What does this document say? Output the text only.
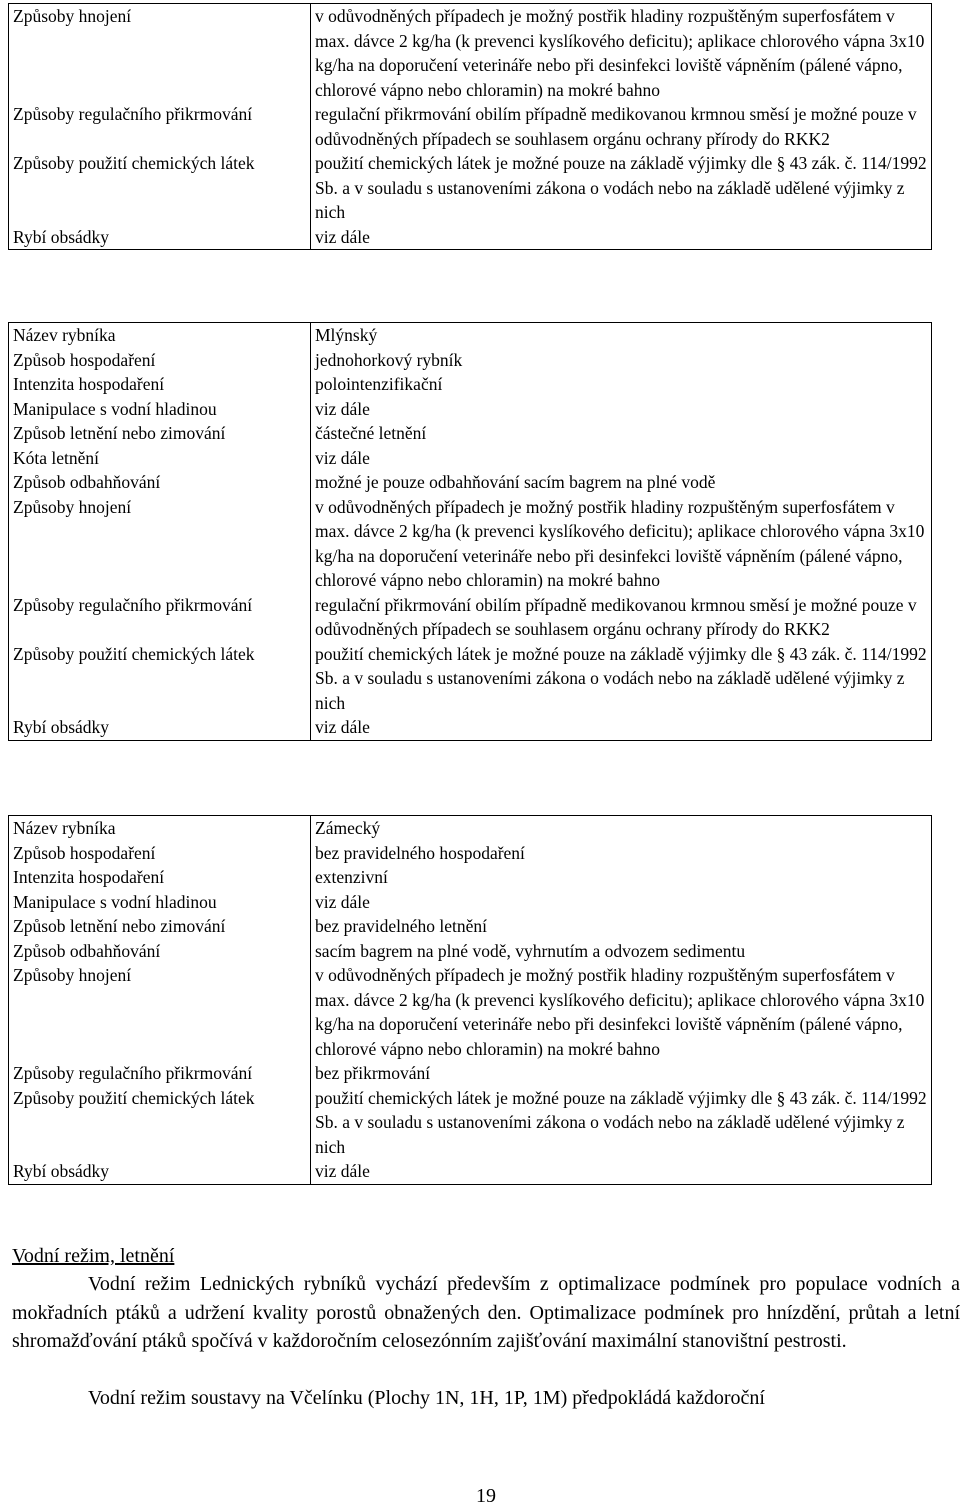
Způsoby hnojení	v odůvodněných případech je možný postřik hladiny rozpuštěným superfosfátem v max. dávce 2 kg/ha (k prevenci kyslíkového deficitu); aplikace chlorového vápna 3x10 kg/ha na doporučení veterináře nebo při desinfekci loviště vápněním (pálené vápno, chlorové vápno nebo chloramin) na mokré bahno
Způsoby regulačního přikrmování	regulační přikrmování obilím případně medikovanou krmnou směsí je možné pouze v odůvodněných případech se souhlasem orgánu ochrany přírody do RKK2
Způsoby použití chemických látek	použití chemických látek je možné pouze na základě výjimky dle § 43 zák. č. 114/1992 Sb. a v souladu s ustanoveními zákona o vodách nebo na základě udělené výjimky z nich
Rybí obsádky	viz dále
Název rybníka	Mlýnský
Způsob hospodaření	jednohorkový rybník
Intenzita hospodaření	polointenzifikační
Manipulace s vodní hladinou	viz dále
Způsob letnění nebo zimování	částečné letnění
Kóta letnění	viz dále
Způsob odbahňování	možné je pouze odbahňování sacím bagrem na plné vodě
Způsoby hnojení	v odůvodněných případech je možný postřik hladiny rozpuštěným superfosfátem v max. dávce 2 kg/ha (k prevenci kyslíkového deficitu); aplikace chlorového vápna 3x10 kg/ha na doporučení veterináře nebo při desinfekci loviště vápněním (pálené vápno, chlorové vápno nebo chloramin) na mokré bahno
Způsoby regulačního přikrmování	regulační přikrmování obilím případně medikovanou krmnou směsí je možné pouze v odůvodněných případech se souhlasem orgánu ochrany přírody do RKK2
Způsoby použití chemických látek	použití chemických látek je možné pouze na základě výjimky dle § 43 zák. č. 114/1992 Sb. a v souladu s ustanoveními zákona o vodách nebo na základě udělené výjimky z nich
Rybí obsádky	viz dále
Název rybníka	Zámecký
Způsob hospodaření	bez pravidelného hospodaření
Intenzita hospodaření	extenzivní
Manipulace s vodní hladinou	viz dále
Způsob letnění nebo zimování	bez pravidelného letnění
Způsob odbahňování	sacím bagrem na plné vodě, vyhrnutím a odvozem sedimentu
Způsoby hnojení	v odůvodněných případech je možný postřik hladiny rozpuštěným superfosfátem v max. dávce 2 kg/ha (k prevenci kyslíkového deficitu); aplikace chlorového vápna 3x10 kg/ha na doporučení veterináře nebo při desinfekci loviště vápněním (pálené vápno, chlorové vápno nebo chloramin) na mokré bahno
Způsoby regulačního přikrmování	bez přikrmování
Způsoby použití chemických látek	použití chemických látek je možné pouze na základě výjimky dle § 43 zák. č. 114/1992 Sb. a v souladu s ustanoveními zákona o vodách nebo na základě udělené výjimky z nich
Rybí obsádky	viz dále
Vodní režim, letnění
Vodní režim Lednických rybníků vychází především z optimalizace podmínek pro populace vodních a mokřadních ptáků a udržení kvality porostů obnažených den. Optimalizace podmínek pro hnízdění, průtah a letní shromažďování ptáků spočívá v každoročním celosezónním zajišťování maximální stanovištní pestrosti.
Vodní režim soustavy na Včelínku (Plochy 1N, 1H, 1P, 1M) předpokládá každoroční
19
